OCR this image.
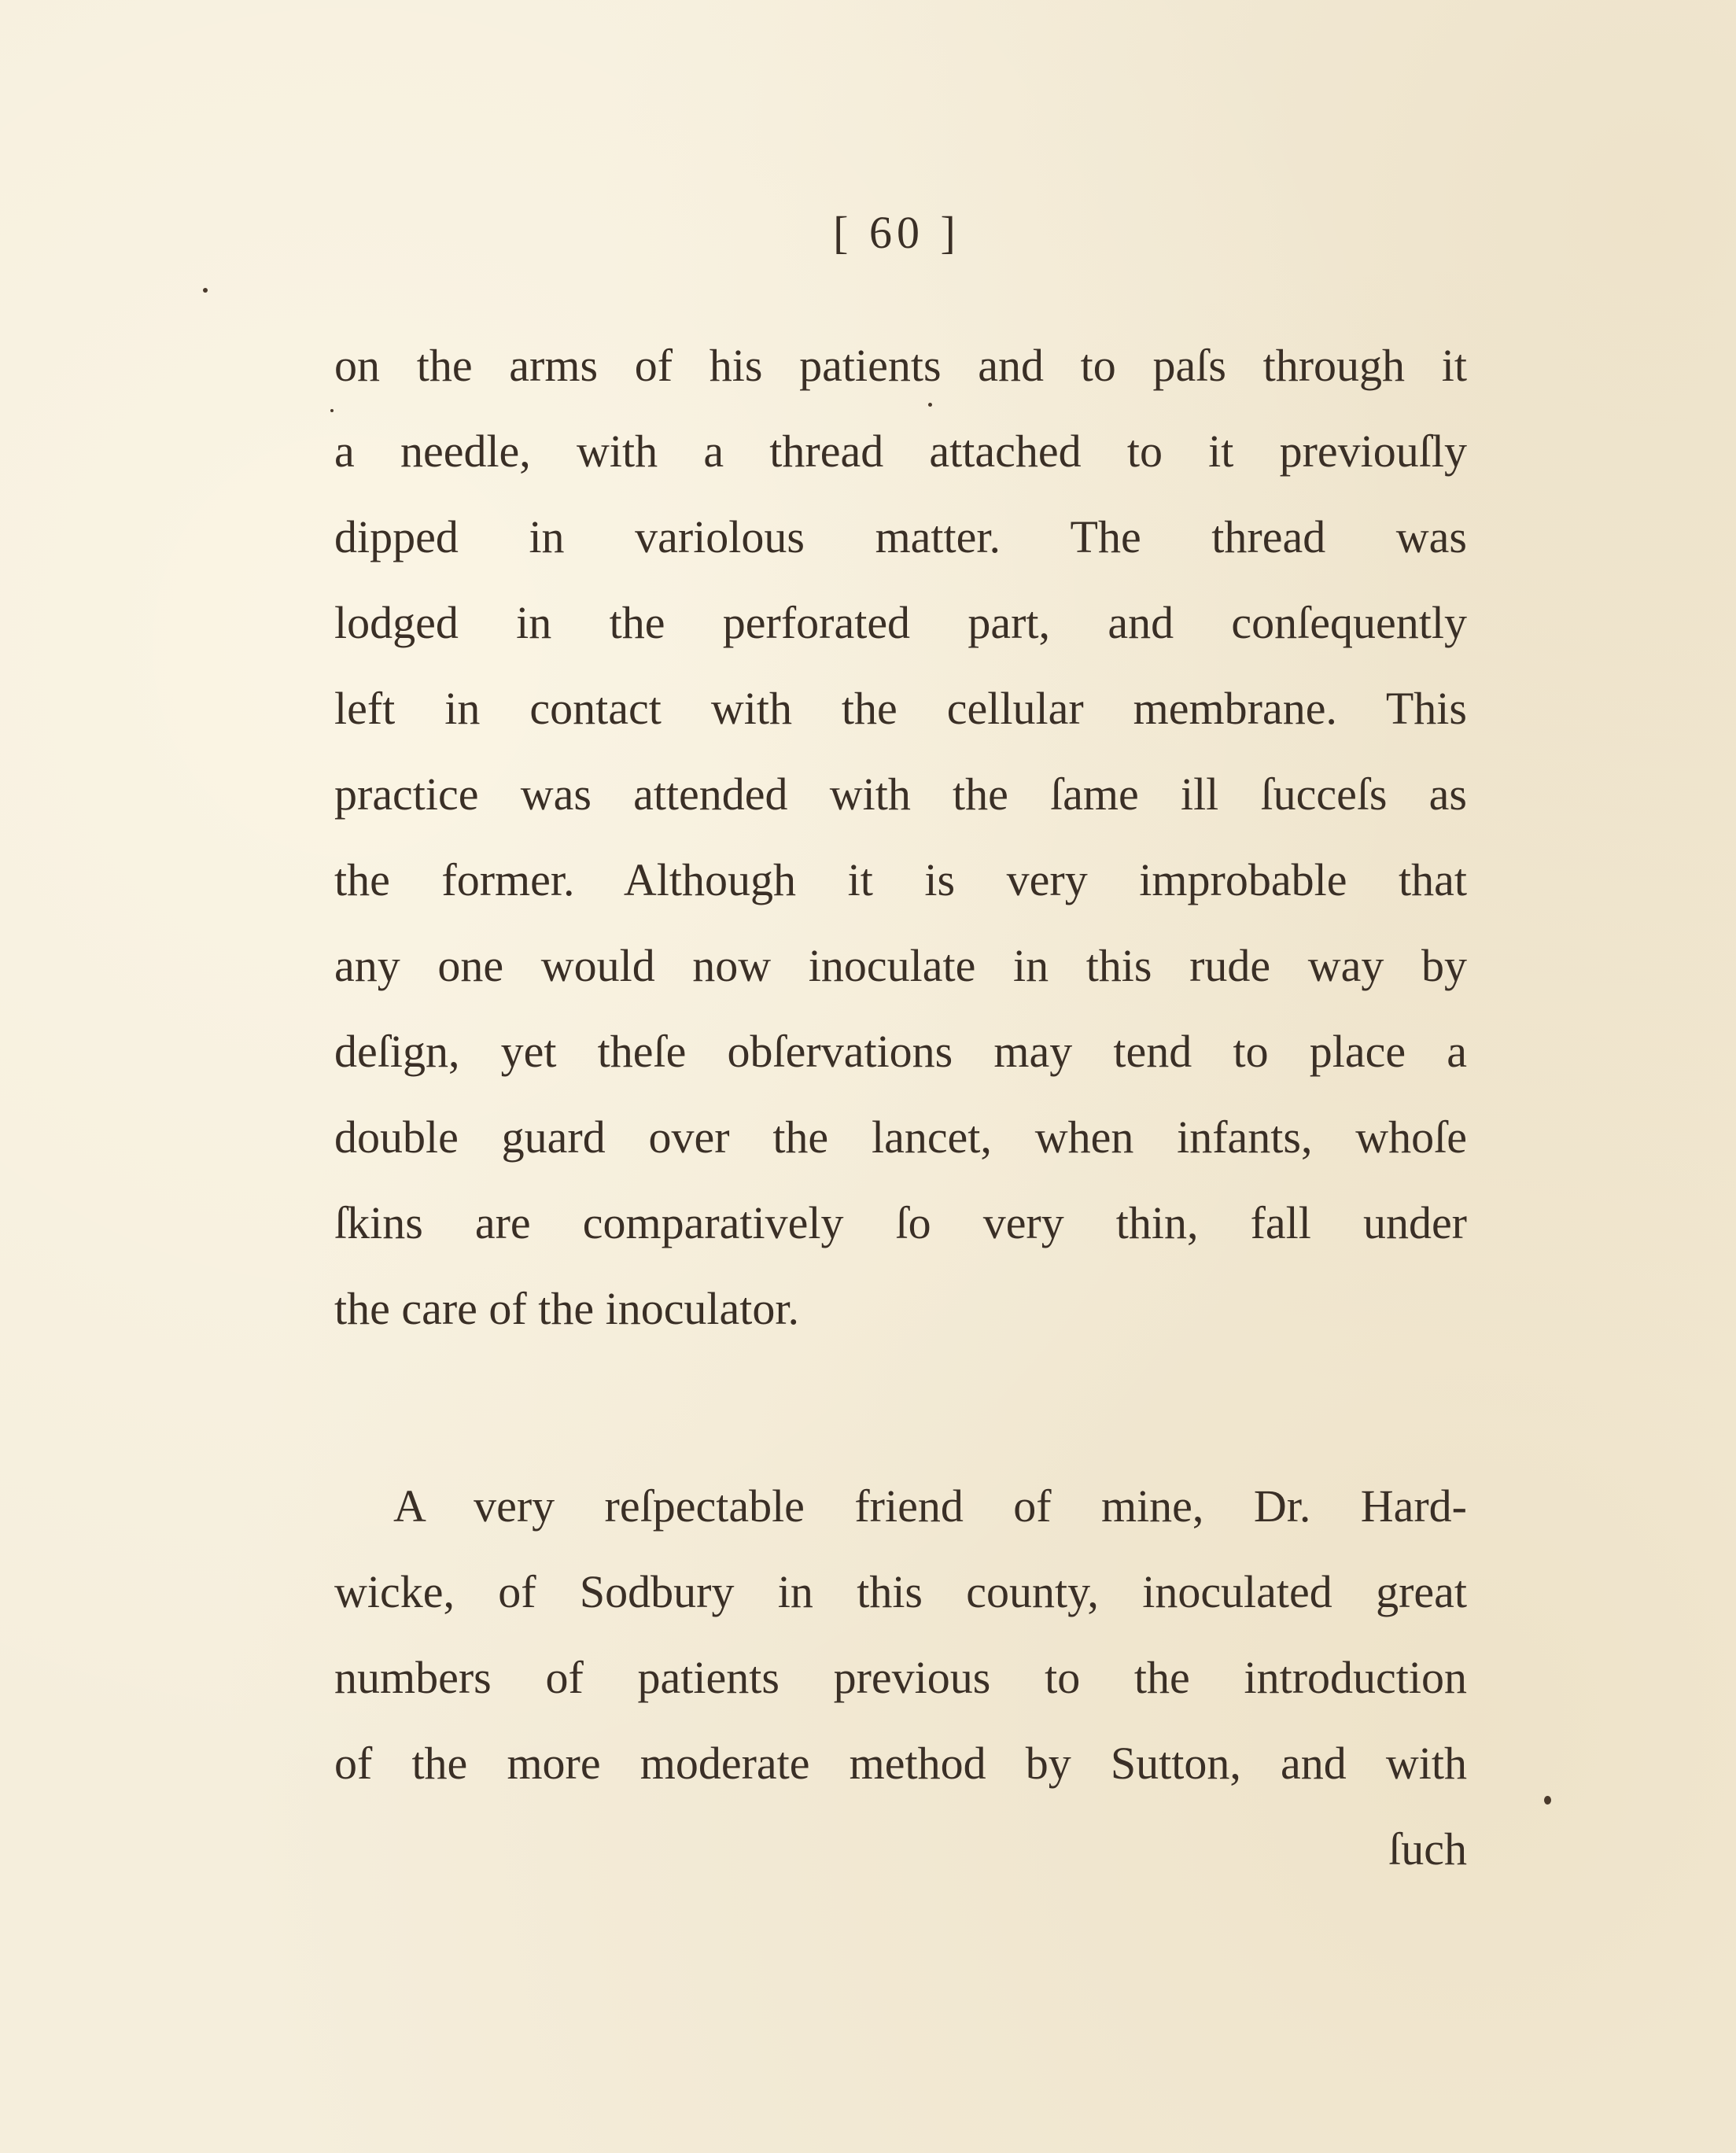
[ 60 ]
on the arms of his patients and to paſs through it
a needle, with a thread attached to it previouſly
dipped in variolous matter. The thread was
lodged in the perforated part, and conſequently
left in contact with the cellular membrane. This
practice was attended with the ſame ill ſucceſs as
the former. Although it is very improbable that
any one would now inoculate in this rude way by
deſign, yet theſe obſervations may tend to place a
double guard over the lancet, when infants, whoſe
ſkins are comparatively ſo very thin, fall under
the care of the inoculator.
A very reſpectable friend of mine, Dr. Hard-
wicke, of Sodbury in this county, inoculated great
numbers of patients previous to the introduction
of the more moderate method by Sutton, and with
ſuch
